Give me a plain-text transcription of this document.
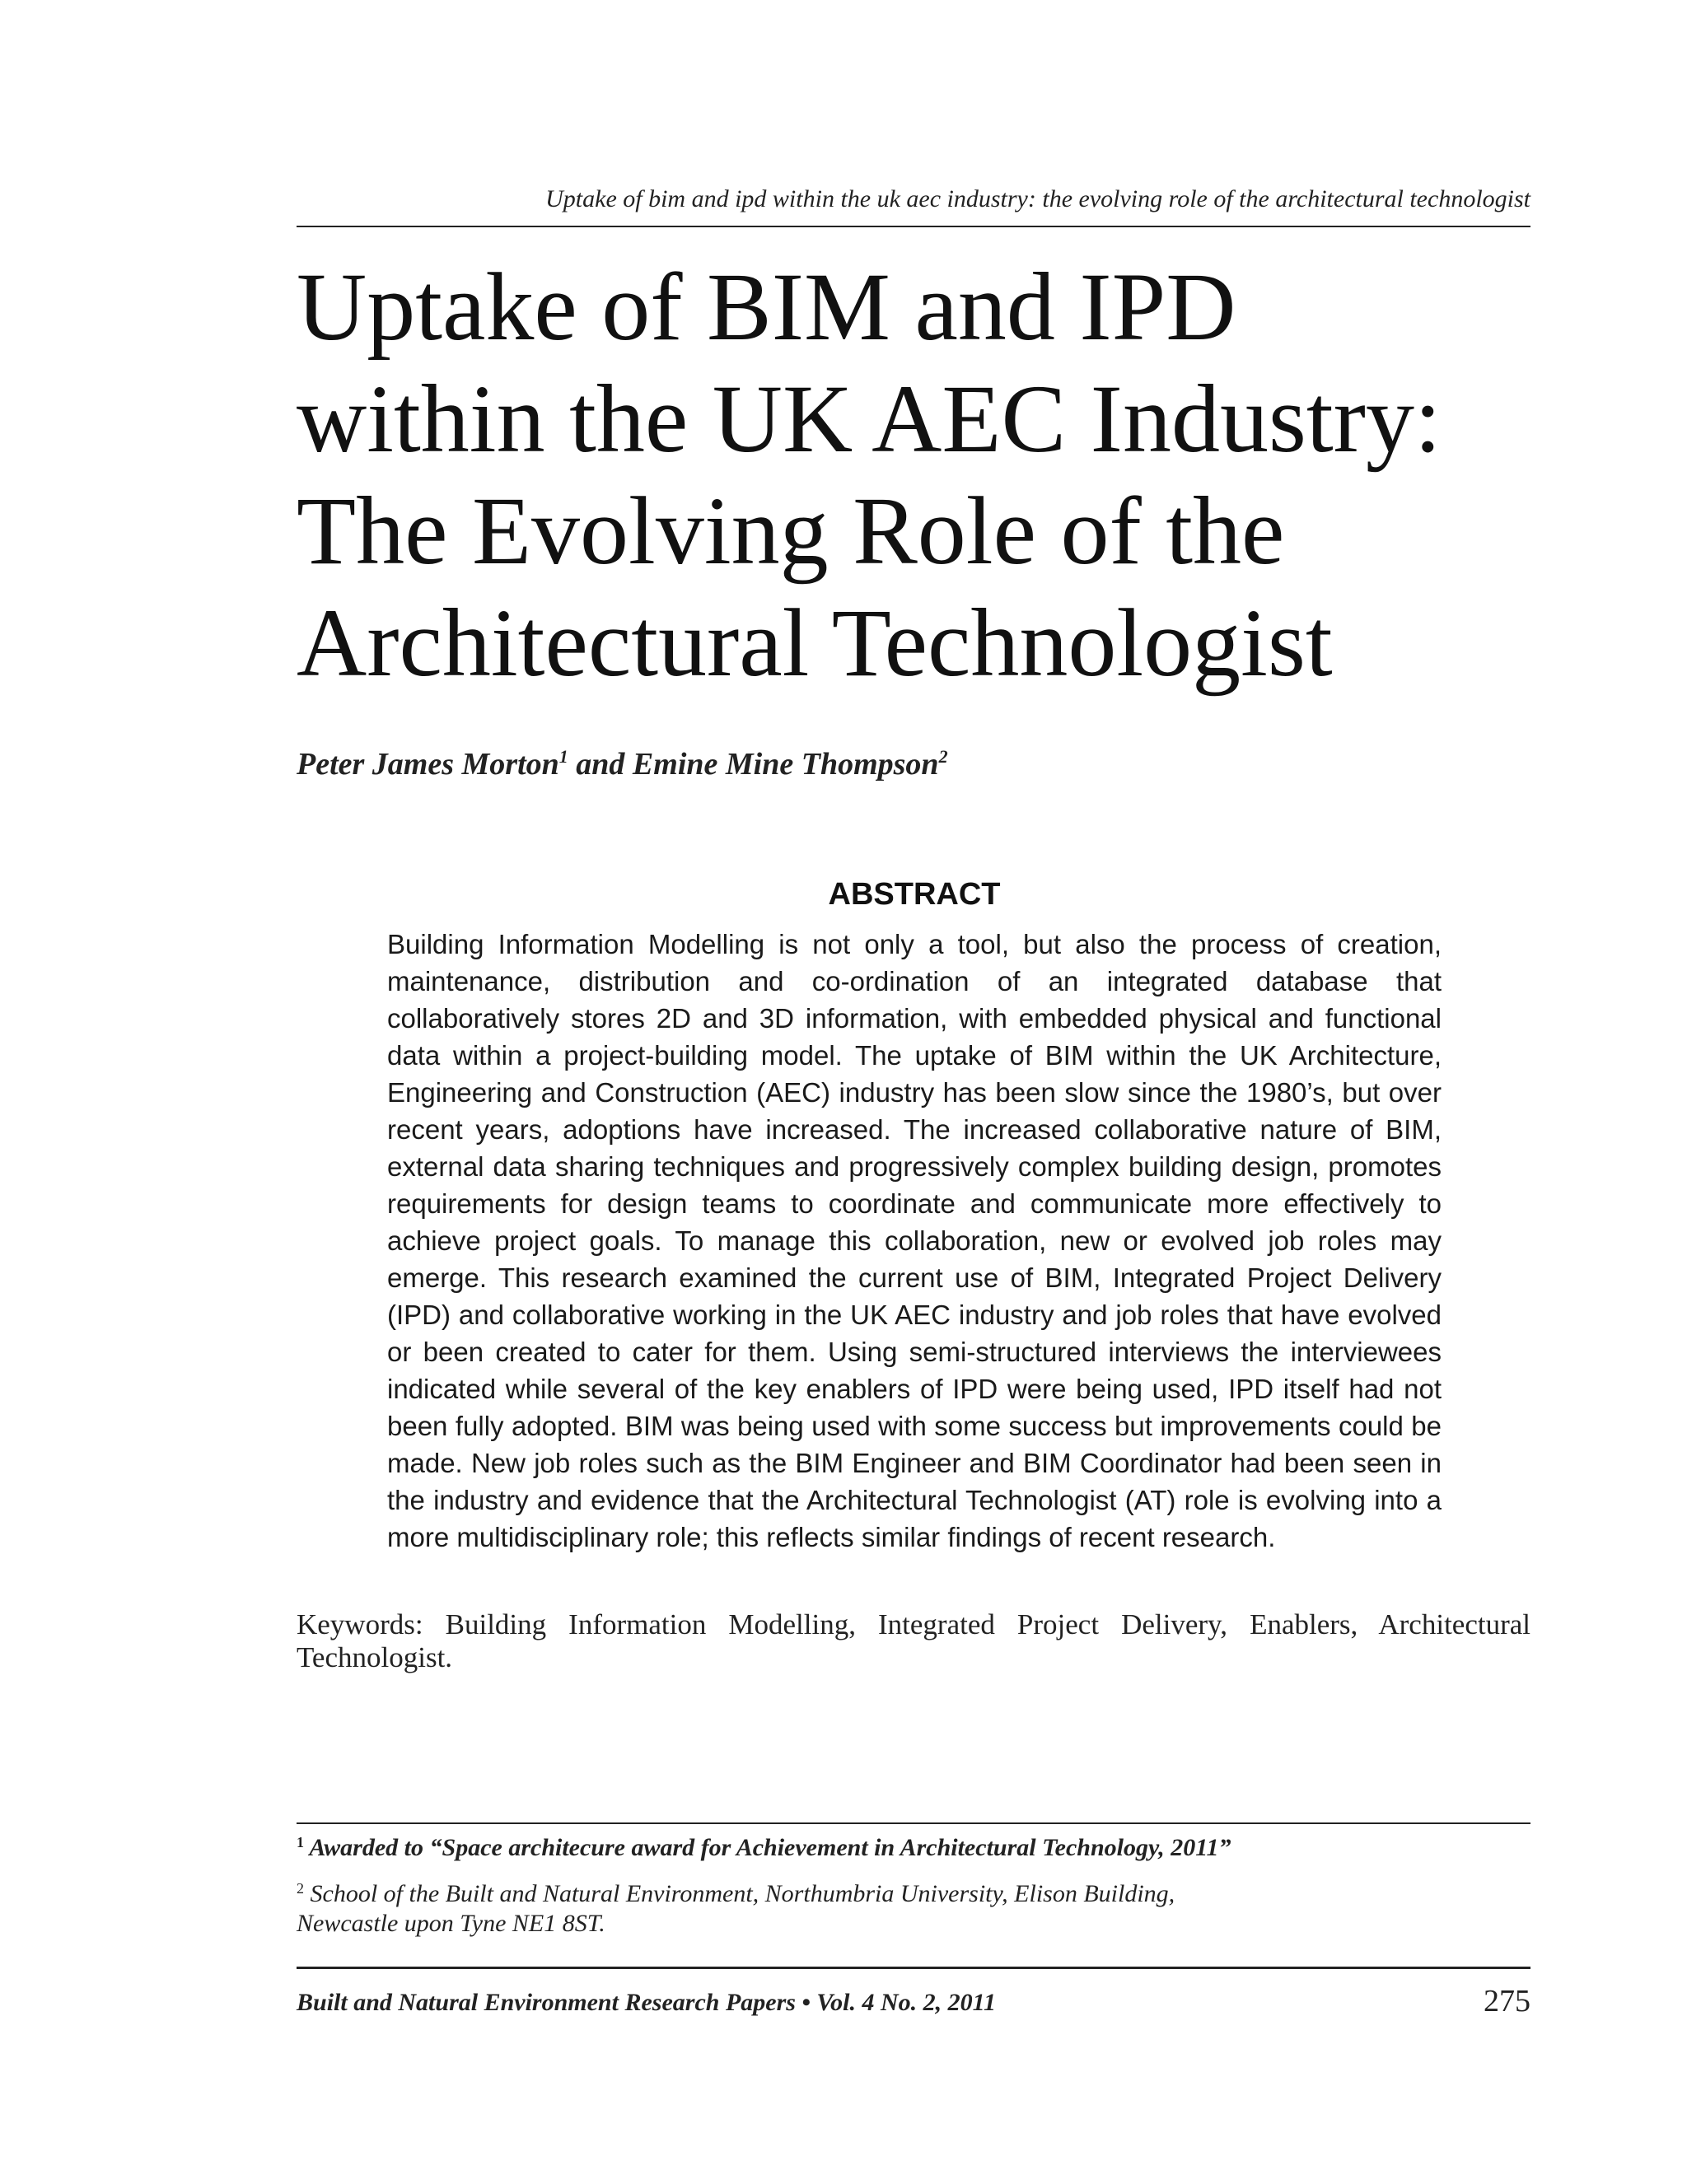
Uptake of bim and ipd within the uk aec industry: the evolving role of the architectural technologist
Uptake of BIM and IPD
within the UK AEC Industry:
The Evolving Role of the
Architectural Technologist
Peter James Morton$^1$ and Emine Mine Thompson$^2$
ABSTRACT
Building Information Modelling is not only a tool, but also the process of creation, maintenance, distribution and co-ordination of an integrated database that collaboratively stores 2D and 3D information, with embedded physical and functional data within a project-building model. The uptake of BIM within the UK Architecture, Engineering and Construction (AEC) industry has been slow since the 1980’s, but over recent years, adoptions have increased. The increased collaborative nature of BIM, external data sharing techniques and progressively complex building design, promotes requirements for design teams to coordinate and communicate more effectively to achieve project goals. To manage this collaboration, new or evolved job roles may emerge. This research examined the current use of BIM, Integrated Project Delivery (IPD) and collaborative working in the UK AEC industry and job roles that have evolved or been created to cater for them. Using semi-structured interviews the interviewees indicated while several of the key enablers of IPD were being used, IPD itself had not been fully adopted. BIM was being used with some success but improvements could be made. New job roles such as the BIM Engineer and BIM Coordinator had been seen in the industry and evidence that the Architectural Technologist (AT) role is evolving into a more multidisciplinary role; this reflects similar findings of recent research.
Keywords: Building Information Modelling, Integrated Project Delivery, Enablers, Architectural Technologist.

$^1$ Awarded to “Space architecure award for Achievement in Architectural Technology, 2011”

$^2$ School of the Built and Natural Environment, Northumbria University, Elison Building,
Newcastle upon Tyne NE1 8ST.

Built and Natural Environment Research Papers • Vol. 4 No. 2, 2011	275
